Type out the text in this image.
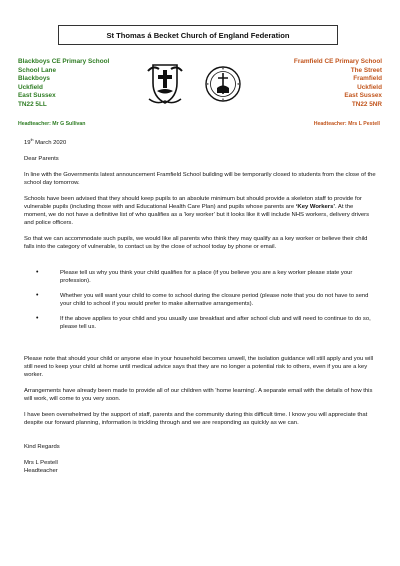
St Thomas á Becket Church of England Federation
Blackboys CE Primary School
School Lane
Blackboys
Uckfield
East Sussex
TN22 5LL
Framfield CE Primary School
The Street
Framfield
Uckfield
East Sussex
TN22 5NR
Headteacher: Mr G Sullivan	Headteacher: Mrs L Pestell
19th March 2020
Dear Parents
In line with the Governments latest announcement Framfield School building will be temporarily closed to students from the close of the school day tomorrow.
Schools have been advised that they should keep pupils to an absolute minimum but should provide a skeleton staff to provide for vulnerable pupils (including those with and Educational Health Care Plan) and pupils whose parents are ‘Key Workers’. At the moment, we do not have a definitive list of who qualifies as a ‘key worker’ but it looks like it will include NHS workers, delivery drivers and police officers.
So that we can accommodate such pupils, we would like all parents who think they may qualify as a key worker or believe their child falls into the category of vulnerable, to contact us by the close of school today by phone or email.
• Please tell us why you think your child qualifies for a place (if you believe you are a key worker please state your profession).
• Whether you will want your child to come to school during the closure period (please note that you do not have to send your child to school if you would prefer to make alternative arrangements).
• If the above applies to your child and you usually use breakfast and after school club and will need to continue to do so, please tell us.
Please note that should your child or anyone else in your household becomes unwell, the isolation guidance will still apply and you will still need to keep your child at home until medical advice says that they are no longer a potential risk to others, even if you are a key worker.
Arrangements have already been made to provide all of our children with ‘home learning’. A separate email with the details of how this will work, will come to you very soon.
I have been overwhelmed by the support of staff, parents and the community during this difficult time. I know you will appreciate that despite our forward planning, information is trickling through and we are responding as quickly as we can.
Kind Regards
Mrs L Pestell
Headteacher
